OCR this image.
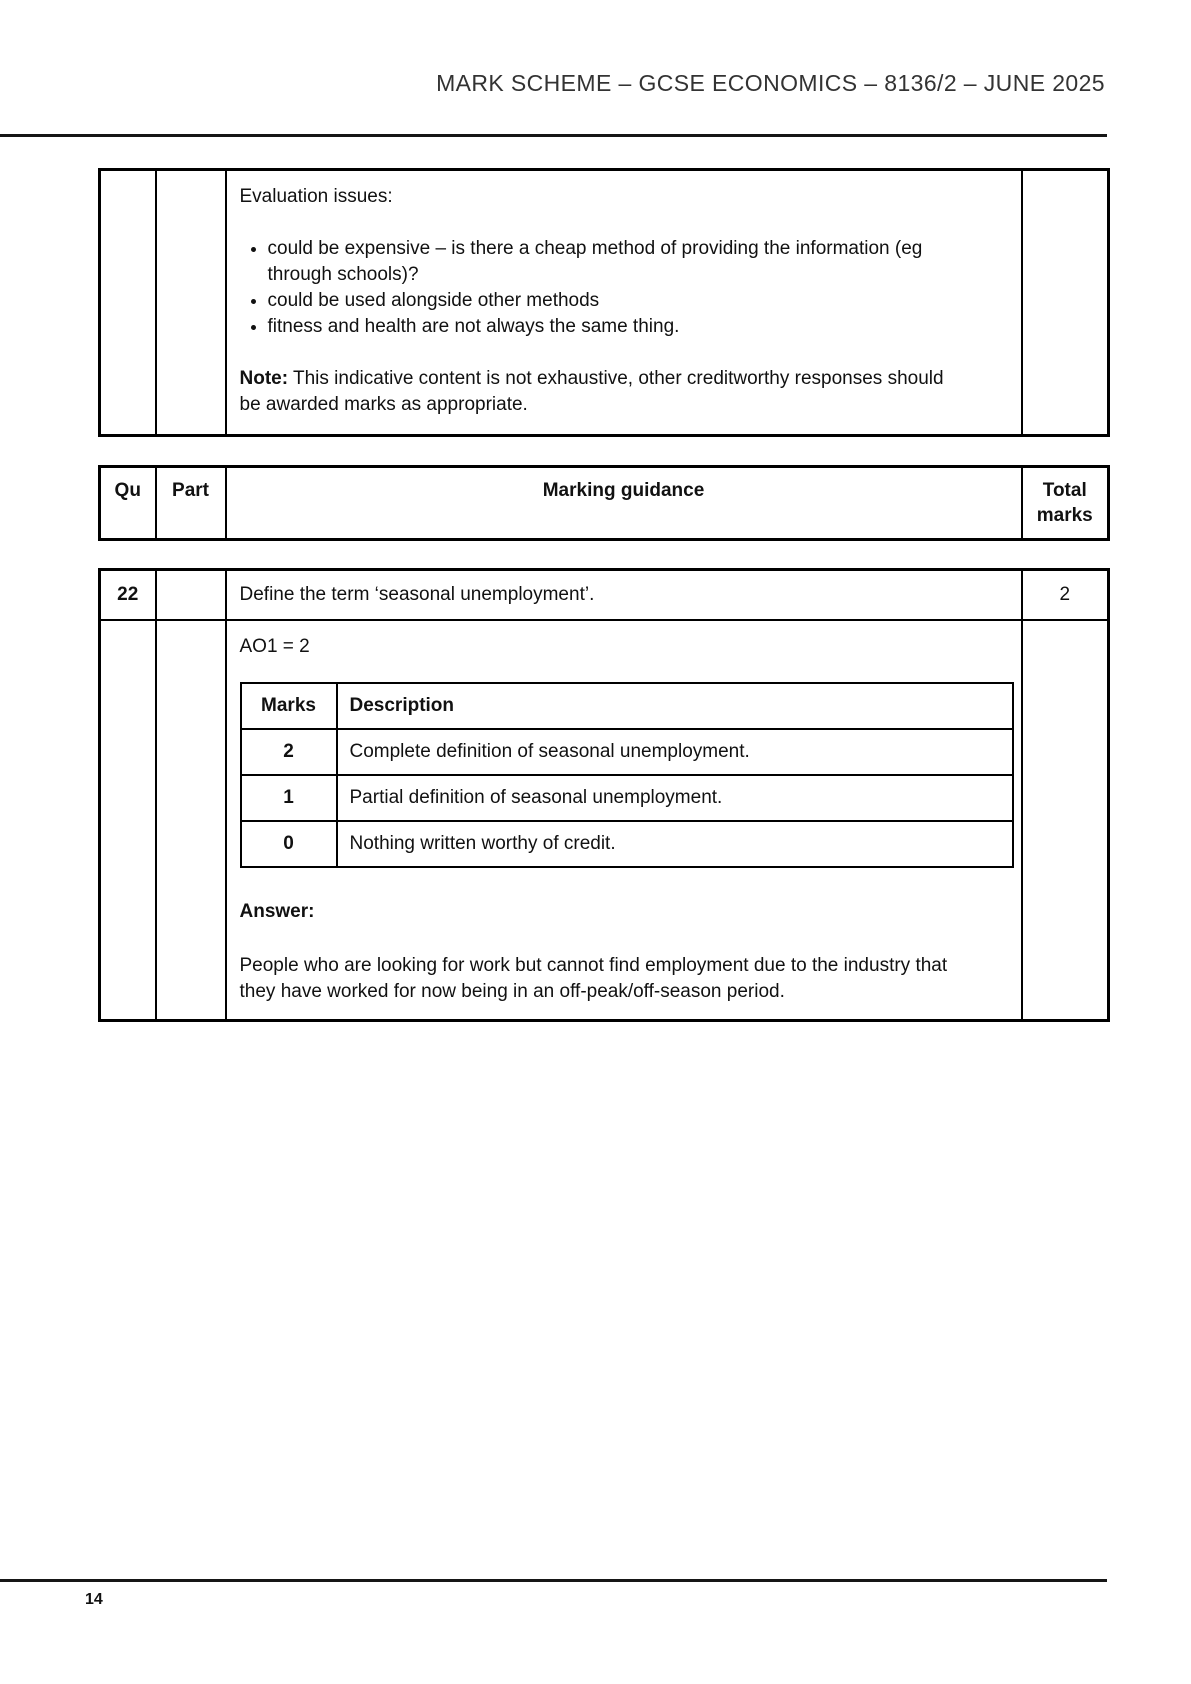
MARK SCHEME – GCSE ECONOMICS – 8136/2 – JUNE 2025

Evaluation issues:

• could be expensive – is there a cheap method of providing the information (eg through schools)?
• could be used alongside other methods
• fitness and health are not always the same thing.

Note: This indicative content is not exhaustive, other creditworthy responses should be awarded marks as appropriate.

Qu	Part	Marking guidance	Total marks
22		Define the term ‘seasonal unemployment’.	2

AO1 = 2

Marks	Description
2	Complete definition of seasonal unemployment.
1	Partial definition of seasonal unemployment.
0	Nothing written worthy of credit.

Answer:

People who are looking for work but cannot find employment due to the industry that they have worked for now being in an off-peak/off-season period.

14
